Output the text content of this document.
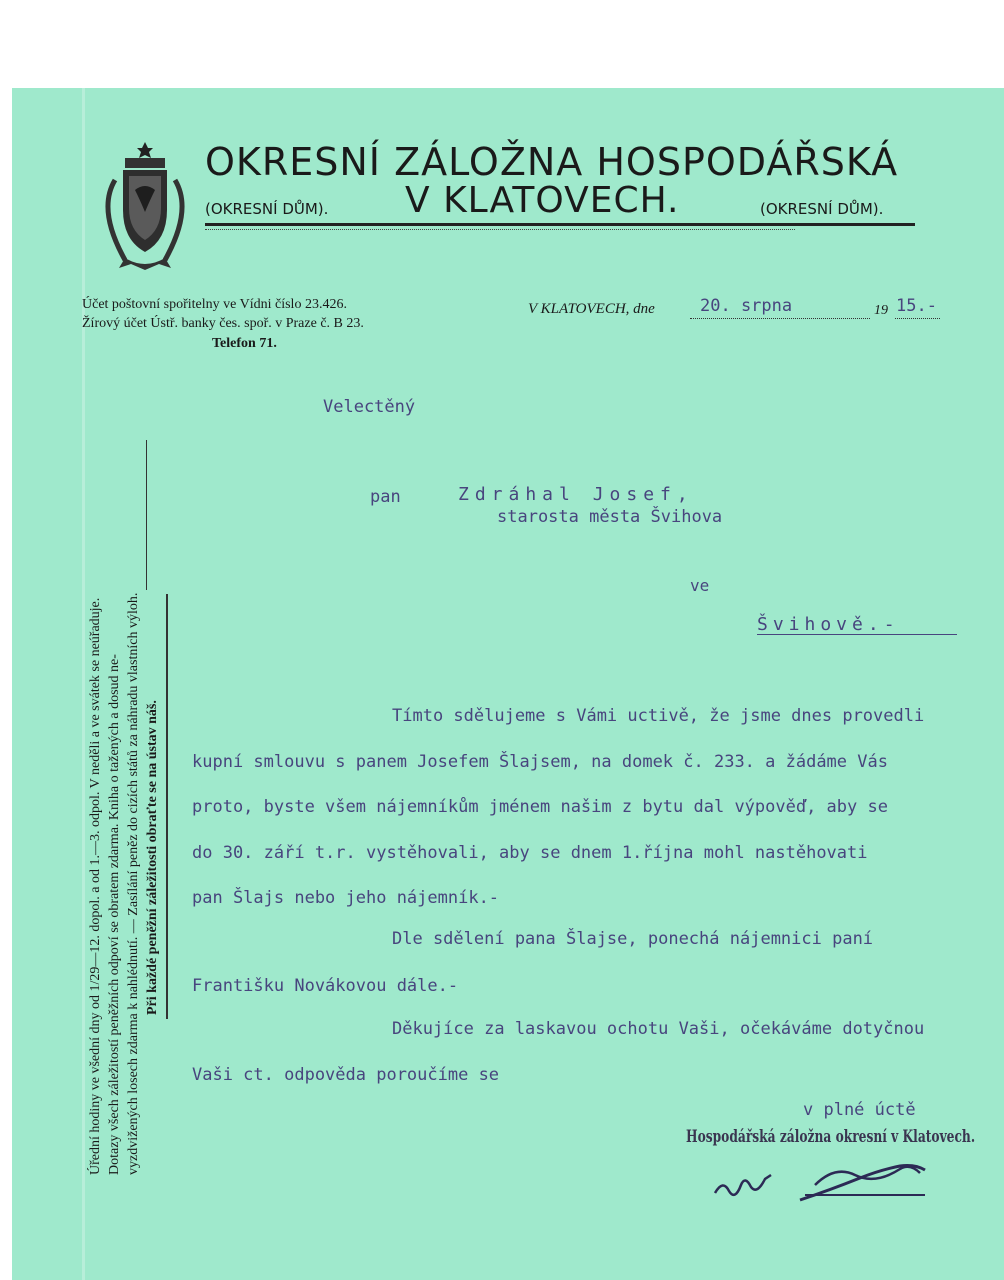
OKRESNÍ ZÁLOŽNA HOSPODÁŘSKÁ
(OKRESNÍ DŮM). V KLATOVECH.	(OKRESNÍ DŮM).
Účet poštovní spořitelny ve Vídni číslo 23.426.
Žírový účet Ústř. banky čes. spoř. v Praze č. B 23.
Telefon 71.
V KLATOVECH, dne	20. srpna	19 15.-
Úřední hodiny ve všední dny od 1/29—12. dopol. a od 1.—3. odpol. V neděli a ve svátek se neúřaduje. Dotazy všech záležitostí peněžních odpoví se obratem zdarma. Kniha o tažených a dosud ne- vyzdvižených losech zdarma k nahlédnutí. — Zasílání peněz do cizích států za náhradu vlastních výloh. Při každé peněžní záležitosti obraťte se na ústav náš.
Velectěný
pan	Zdráhal Josef,
starosta města Švihova
ve
Švihově.-
Tímto sdělujeme s Vámi uctivě, že jsme dnes provedli
kupní smlouvu s panem Josefem Šlajsem, na domek č. 233. a žádáme Vás
proto, byste všem nájemníkům jménem našim z bytu dal výpověď, aby se
do 30. září t.r. vystěhovali, aby se dnem 1.října mohl nastěhovati
pan Šlajs nebo jeho nájemník.-
Dle sdělení pana Šlajse, ponechá nájemnici paní
Františku Novákovou dále.-
Děkujíce za laskavou ochotu Vaši, očekáváme dotyčnou
Vaši ct. odpověda poroučíme se
v plné úctě
Hospodářská záložna okresní v Klatovech.
